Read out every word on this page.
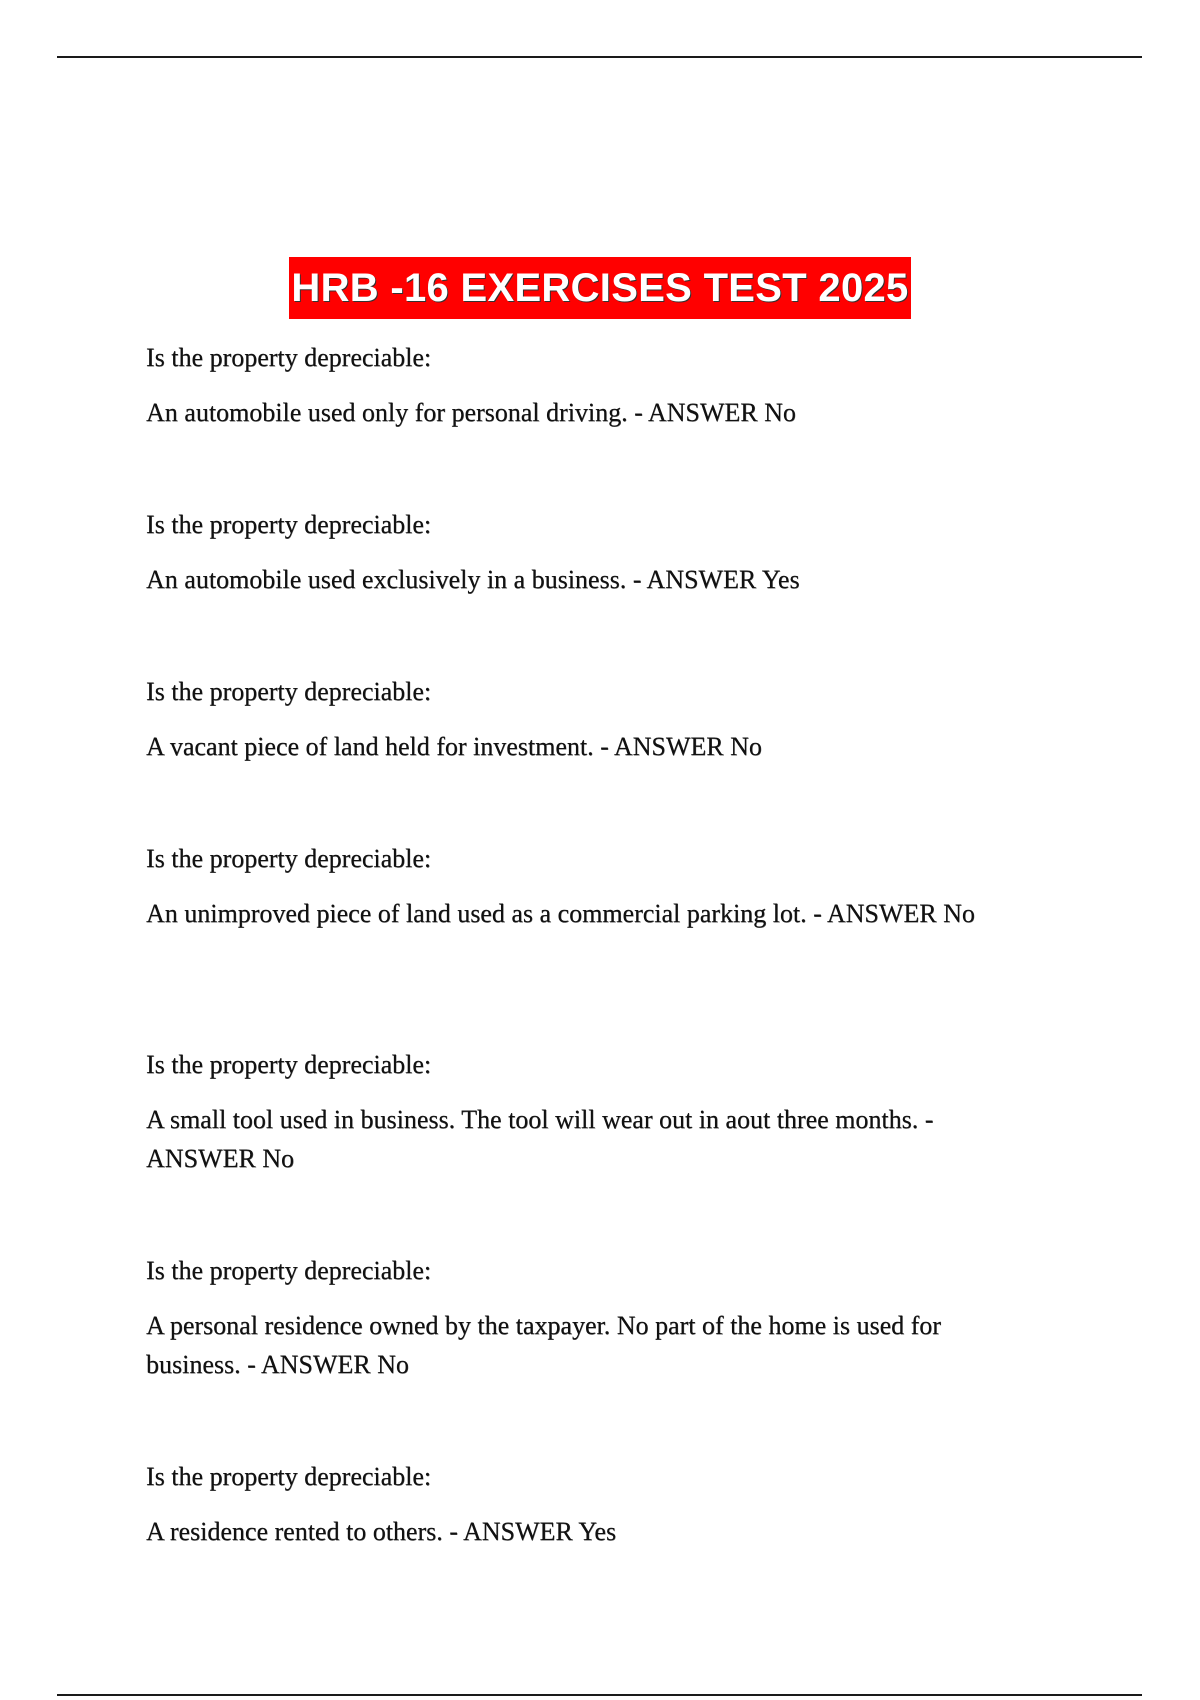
HRB -16 EXERCISES TEST 2025

Is the property depreciable:

An automobile used only for personal driving. - ANSWER No

Is the property depreciable:

An automobile used exclusively in a business. - ANSWER Yes

Is the property depreciable:

A vacant piece of land held for investment. - ANSWER No

Is the property depreciable:

An unimproved piece of land used as a commercial parking lot. - ANSWER No

Is the property depreciable:

A small tool used in business. The tool will wear out in aout three months. - ANSWER No

Is the property depreciable:

A personal residence owned by the taxpayer. No part of the home is used for business. - ANSWER No

Is the property depreciable:

A residence rented to others. - ANSWER Yes
